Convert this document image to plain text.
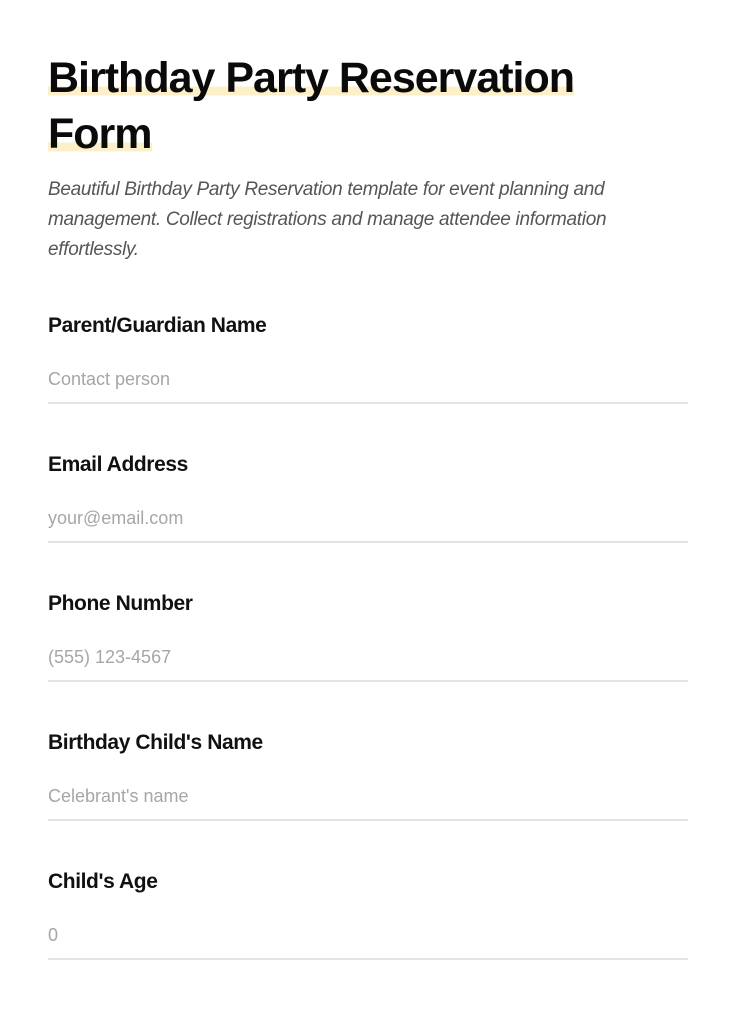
Birthday Party Reservation Form

Beautiful Birthday Party Reservation template for event planning and management. Collect registrations and manage attendee information effortlessly.

Parent/Guardian Name
Contact person
Email Address
your@email.com
Phone Number
(555) 123-4567
Birthday Child's Name
Celebrant's name
Child's Age
0
